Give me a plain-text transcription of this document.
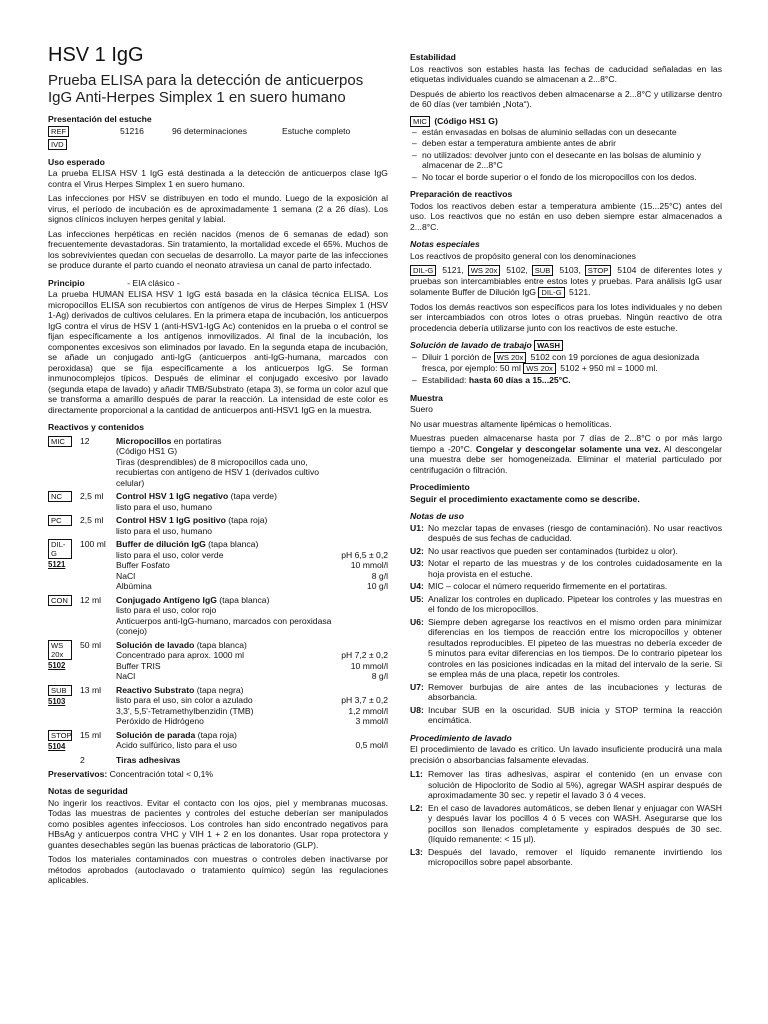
HSV 1 IgG
Prueba ELISA para la detección de anticuerpos
IgG Anti-Herpes Simplex 1 en suero humano
Presentación del estuche
REF	51216	96 determinaciones	Estuche completo
IVD
Uso esperado

La prueba ELISA HSV 1 IgG está destinada a la detección de anticuerpos clase IgG contra el Virus Herpes Simplex 1 en suero humano.

Las infecciones por HSV se distribuyen en todo el mundo. Luego de la exposición al virus, el período de incubación es de aproximadamente 1 semana (2 a 26 días). Los signos clínicos incluyen herpes genital y labial.

Las infecciones herpéticas en recién nacidos (menos de 6 semanas de edad) son frecuentemente devastadoras. Sin tratamiento, la mortalidad excede el 65%. Muchos de los sobrevivientes quedan con secuelas de desarrollo. La mayor parte de las infecciones se produce durante el parto cuando el neonato atraviesa un canal de parto infectado.

Principio	- EIA clásico -

La prueba HUMAN ELISA HSV 1 IgG está basada en la clásica técnica ELISA. Los micropocillos ELISA son recubiertos con antígenos de virus de Herpes Simplex 1 (HSV 1-Ag) derivados de cultivos celulares. En la primera etapa de incubación, los anticuerpos IgG contra el virus de HSV 1 (anti-HSV1-IgG Ac) contenidos en la prueba o el control se fijan específicamente a los antígenos inmovilizados. Al final de la incubación, los componentes excesivos son eliminados por lavado. En la segunda etapa de incubación, se añade un conjugado anti-IgG (anticuerpos anti-IgG-humana, marcados con peroxidasa) que se fija específicamente a los anticuerpos IgG. Se forman inmunocomplejos típicos. Después de eliminar el conjugado excesivo por lavado (segunda etapa de lavado) y añadir TMB/Substrato (etapa 3), se forma un color azul que se transforma a amarillo después de parar la reacción. La intensidad de este color es directamente proporcional a la cantidad de anticuerpos anti-HSV1 IgG en la muestra.

Reactivos y contenidos
MIC	12	Micropocillos en portatiras
(Código HS1 G)
Tiras (desprendibles) de 8 micropocillos cada uno,
recubiertas con antígeno de HSV 1 (derivados cultivo
celular)
NC	2,5 ml	Control HSV 1 IgG negativo (tapa verde)
listo para el uso, humano
PC	2,5 ml	Control HSV 1 IgG positivo (tapa roja)
listo para el uso, humano
DIL-G
5121
100 ml	Buffer de dilución IgG (tapa blanca)
listo para el uso, color verde	pH 6,5 ± 0,2
Buffer Fosfato	10 mmol/l
NaCl	8 g/l
Albúmina	10 g/l
CON	12 ml	Conjugado Antígeno IgG (tapa blanca)
listo para el uso, color rojo
Anticuerpos anti-IgG-humano, marcados con peroxidasa
(conejo)
WS 20x
5102
50 ml	Solución de lavado (tapa blanca)
Concentrado para aprox. 1000 ml	pH 7,2 ± 0,2
Buffer TRIS	10 mmol/l
NaCl	8 g/l
SUB
5103
13 ml	Reactivo Substrato (tapa negra)
listo para el uso, sin color a azulado	pH 3,7 ± 0,2
3,3', 5,5'-Tetramethylbenzidin (TMB)	1,2 mmol/l
Peróxido de Hidrógeno	3 mmol/l
STOP
5104
15 ml	Solución de parada (tapa roja)
Acido sulfúrico, listo para el uso	0,5 mol/l
2	Tiras adhesivas
Preservativos: Concentración total < 0,1%
Notas de seguridad

No ingerir los reactivos. Evitar el contacto con los ojos, piel y membranas mucosas. Todas las muestras de pacientes y controles del estuche deberían ser manipulados como posibles agentes infecciosos. Los controles han sido encontrado negativos para HBsAg y anticuerpos contra VHC y VIH 1 + 2 en los donantes. Usar ropa protectora y guantes desechables según las buenas prácticas de laboratorio (GLP).

Todos los materiales contaminados con muestras o controles deben inactivarse por métodos aprobados (autoclavado o tratamiento químico) según las regulaciones aplicables.

Estabilidad

Los reactivos son estables hasta las fechas de caducidad señaladas en las etiquetas individuales cuando se almacenan a 2...8°C.

Después de abierto los reactivos deben almacenarse a 2...8°C y utilizarse dentro de 60 días (ver también „Nota“).

MIC (Código HS1 G)
– están envasadas en bolsas de aluminio selladas con un desecante
– deben estar a temperatura ambiente antes de abrir
– no utilizados: devolver junto con el desecante en las bolsas de aluminio y almacenar de 2...8°C
– No tocar el borde superior o el fondo de los micropocillos con los dedos.
Preparación de reactivos

Todos los reactivos deben estar a temperatura ambiente (15...25°C) antes del uso. Los reactivos que no están en uso deben siempre estar almacenados a 2...8°C.

Notas especiales

Los reactivos de propósito general con los denominaciones

DIL-G 5121, WS 20x 5102, SUB 5103, STOP 5104 de diferentes lotes y pruebas son intercambiables entre estos lotes y pruebas. Para análisis IgG usar solamente Buffer de Dilución IgG DIL-G 5121.

Todos los demás reactivos son específicos para los lotes individuales y no deben ser intercambiados con otros lotes o otras pruebas. Ningún reactivo de otra procedencia debería utilizarse junto con los reactivos de este estuche.

Solución de lavado de trabajo WASH
– Diluir 1 porción de WS 20x 5102 con 19 porciones de agua desionizada fresca, por ejemplo: 50 ml WS 20x 5102 + 950 ml = 1000 ml.
– Estabilidad: hasta 60 días a 15...25°C.
Muestra

Suero

No usar muestras altamente lipémicas o hemolíticas.

Muestras pueden almacenarse hasta por 7 días de 2...8°C o por más largo tiempo a -20°C. Congelar y descongelar solamente una vez. Al descongelar una muestra debe ser homogeneizada. Eliminar el material particulado por centrifugación o filtración.

Procedimiento
Seguir el procedimiento exactamente como se describe.
Notas de uso
U1: No mezclar tapas de envases (riesgo de contaminación). No usar reactivos después de sus fechas de caducidad.
U2: No usar reactivos que pueden ser contaminados (turbidez u olor).
U3: Notar el reparto de las muestras y de los controles cuidadosamente en la hoja provista en el estuche.
U4: MIC – colocar el número requerido firmemente en el portatiras.
U5: Analizar los controles en duplicado. Pipetear los controles y las muestras en el fondo de los micropocillos.
U6: Siempre deben agregarse los reactivos en el mismo orden para minimizar diferencias en los tiempos de reacción entre los micropocillos y obtener resultados reproducibles. El pipeteo de las muestras no debería exceder de 5 minutos para evitar diferencias en los tiempos. De lo contrario pipetear los controles en las posiciones indicadas en la mitad del intervalo de la serie. Si se emplea más de una placa, repetir los controles.
U7: Remover burbujas de aire antes de las incubaciones y lecturas de absorbancia.
U8: Incubar SUB en la oscuridad. SUB inicia y STOP termina la reacción encimática.
Procedimiento de lavado

El procedimiento de lavado es crítico. Un lavado insuficiente producirá una mala precisión o absorbancias falsamente elevadas.

L1: Remover las tiras adhesivas, aspirar el contenido (en un envase con solución de Hipoclorito de Sodio al 5%), agregar WASH aspirar después de aproximadamente 30 sec. y repetir el lavado 3 ó 4 veces.
L2: En el caso de lavadores automáticos, se deben llenar y enjuagar con WASH y después lavar los pocillos 4 ó 5 veces con WASH. Asegurarse que los pocillos son llenados completamente y espirados después de 30 sec. (líquido remanente: < 15 µl).
L3: Después del lavado, remover el líquido remanente invirtiendo los micropocillos sobre papel absorbante.
